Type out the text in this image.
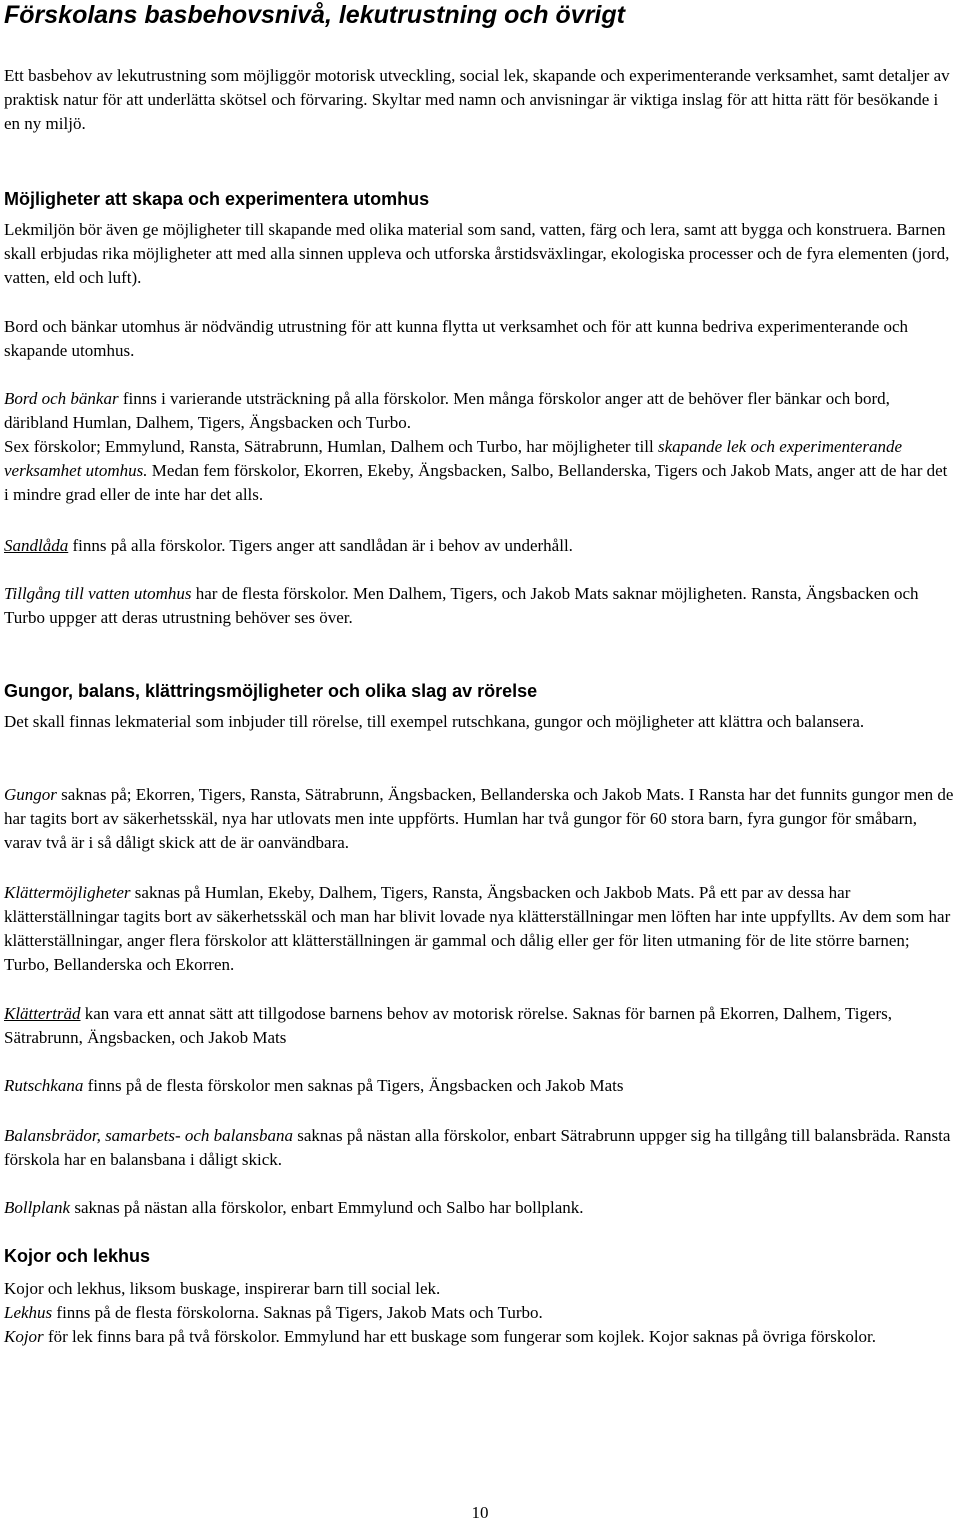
Förskolans basbehovsnivå, lekutrustning och övrigt

Ett basbehov av lekutrustning som möjliggör motorisk utveckling, social lek, skapande och experimenterande verksamhet, samt detaljer av praktisk natur för att underlätta skötsel och förvaring. Skyltar med namn och anvisningar är viktiga inslag för att hitta rätt för besökande i en ny miljö.

Möjligheter att skapa och experimentera utomhus

Lekmiljön bör även ge möjligheter till skapande med olika material som sand, vatten, färg och lera, samt att bygga och konstruera. Barnen skall erbjudas rika möjligheter att med alla sinnen uppleva och utforska årstidsväxlingar, ekologiska processer och de fyra elementen (jord, vatten, eld och luft).

Bord och bänkar utomhus är nödvändig utrustning för att kunna flytta ut verksamhet och för att kunna bedriva experimenterande och skapande utomhus.

Bord och bänkar finns i varierande utsträckning på alla förskolor. Men många förskolor anger att de behöver fler bänkar och bord, däribland Humlan, Dalhem, Tigers, Ängsbacken och Turbo.

Sex förskolor; Emmylund, Ransta, Sätrabrunn, Humlan, Dalhem och Turbo, har möjligheter till skapande lek och experimenterande verksamhet utomhus. Medan fem förskolor, Ekorren, Ekeby, Ängsbacken, Salbo, Bellanderska, Tigers och Jakob Mats, anger att de har det i mindre grad eller de inte har det alls.

Sandlåda finns på alla förskolor. Tigers anger att sandlådan är i behov av underhåll.

Tillgång till vatten utomhus har de flesta förskolor. Men Dalhem, Tigers, och Jakob Mats saknar möjligheten. Ransta, Ängsbacken och Turbo uppger att deras utrustning behöver ses över.

Gungor, balans, klättringsmöjligheter och olika slag av rörelse

Det skall finnas lekmaterial som inbjuder till rörelse, till exempel rutschkana, gungor och möjligheter att klättra och balansera.

Gungor saknas på; Ekorren, Tigers, Ransta, Sätrabrunn, Ängsbacken, Bellanderska och Jakob Mats. I Ransta har det funnits gungor men de har tagits bort av säkerhetsskäl, nya har utlovats men inte uppförts. Humlan har två gungor för 60 stora barn, fyra gungor för småbarn, varav två är i så dåligt skick att de är oanvändbara.

Klättermöjligheter saknas på Humlan, Ekeby, Dalhem, Tigers, Ransta, Ängsbacken och Jakbob Mats. På ett par av dessa har klätterställningar tagits bort av säkerhetsskäl och man har blivit lovade nya klätterställningar men löften har inte uppfyllts. Av dem som har klätterställningar, anger flera förskolor att klätterställningen är gammal och dålig eller ger för liten utmaning för de lite större barnen; Turbo, Bellanderska och Ekorren.

Klätterträd kan vara ett annat sätt att tillgodose barnens behov av motorisk rörelse. Saknas för barnen på Ekorren, Dalhem, Tigers, Sätrabrunn, Ängsbacken, och Jakob Mats

Rutschkana finns på de flesta förskolor men saknas på Tigers, Ängsbacken och Jakob Mats

Balansbrädor, samarbets- och balansbana saknas på nästan alla förskolor, enbart Sätrabrunn uppger sig ha tillgång till balansbräda. Ransta förskola har en balansbana i dåligt skick.

Bollplank saknas på nästan alla förskolor, enbart Emmylund och Salbo har bollplank.

Kojor och lekhus

Kojor och lekhus, liksom buskage, inspirerar barn till social lek.

Lekhus finns på de flesta förskolorna. Saknas på Tigers, Jakob Mats och Turbo.

Kojor för lek finns bara på två förskolor. Emmylund har ett buskage som fungerar som kojlek. Kojor saknas på övriga förskolor.

10
